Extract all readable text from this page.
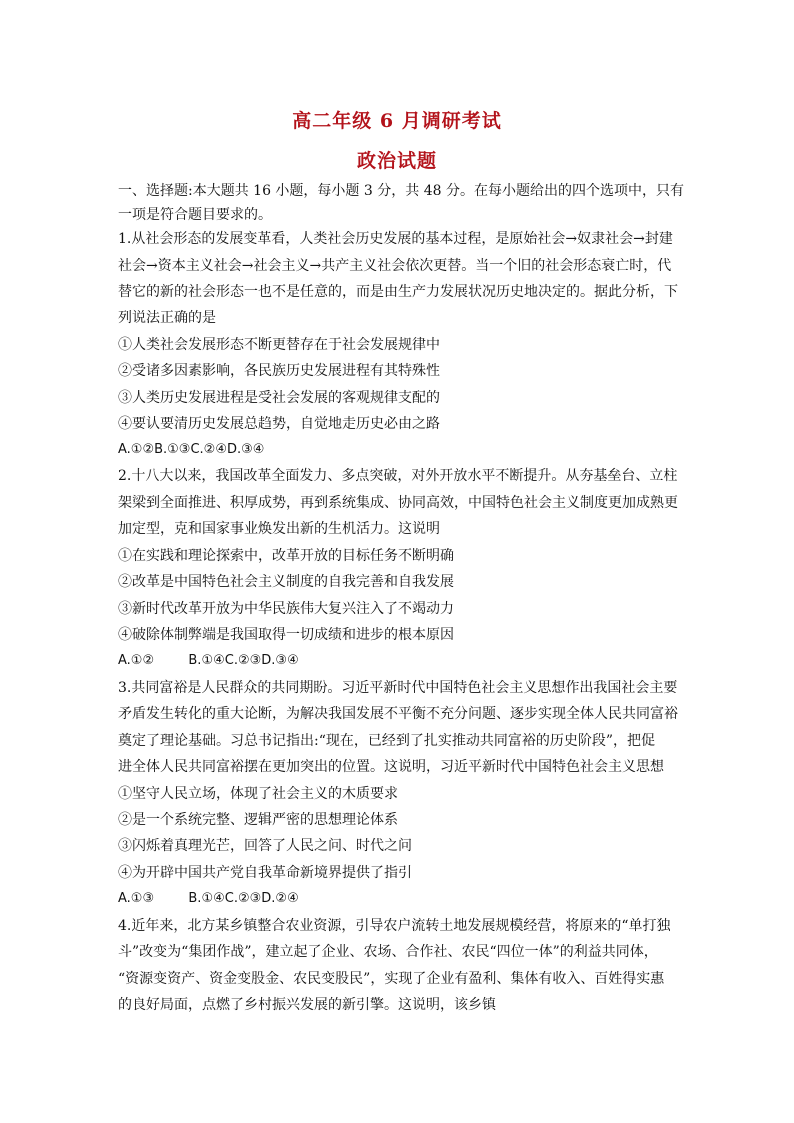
高二年级 6 月调研考试
政治试题
一、选择题:本大题共 16 小题，每小题 3 分，共 48 分。在每小题给出的四个选项中，只有
一项是符合题目要求的。
1.从社会形态的发展变革看，人类社会历史发展的基本过程，是原始社会→奴隶社会→封建
社会→资本主义社会→社会主义→共产主义社会依次更替。当一个旧的社会形态衰亡时，代
替它的新的社会形态一也不是任意的，而是由生产力发展状况历史地决定的。据此分析，下
列说法正确的是
①人类社会发展形态不断更替存在于社会发展规律中
②受诸多因素影响，各民族历史发展进程有其特殊性
③人类历史发展进程是受社会发展的客观规律支配的
④要认要清历史发展总趋势，自觉地走历史必由之路
A.①②B.①③C.②④D.③④
2.十八大以来，我国改革全面发力、多点突破，对外开放水平不断提升。从夯基垒台、立柱
架梁到全面推进、积厚成势，再到系统集成、协同高效，中国特色社会主义制度更加成熟更
加定型，克和国家事业焕发出新的生机活力。这说明
①在实践和理论探索中，改革开放的目标任务不断明确
②改革是中国特色社会主义制度的自我完善和自我发展
③新时代改革开放为中华民族伟大复兴注入了不竭动力
④破除体制弊端是我国取得一切成绩和进步的根本原因
A.①②	B.①④C.②③D.③④
3.共同富裕是人民群众的共同期盼。习近平新时代中国特色社会主义思想作出我国社会主要
矛盾发生转化的重大论断，为解决我国发展不平衡不充分问题、逐步实现全体人民共同富裕
奠定了理论基础。习总书记指出:“现在，已经到了扎实推动共同富裕的历史阶段”，把促
进全体人民共同富裕摆在更加突出的位置。这说明，习近平新时代中国特色社会主义思想
①坚守人民立场，体现了社会主义的木质要求
②是一个系统完整、逻辑严密的思想理论体系
③闪烁着真理光芒，回答了人民之问、时代之问
④为开辟中国共产党自我革命新境界提供了指引
A.①③	B.①④C.②③D.②④
4.近年来，北方某乡镇整合农业资源，引导农户流转土地发展规模经营，将原来的“单打独
斗”改变为“集团作战”，建立起了企业、农场、合作社、农民“四位一体”的利益共同体，
“资源变资产、资金变股金、农民变股民”，实现了企业有盈利、集体有收入、百姓得实惠
的良好局面，点燃了乡村振兴发展的新引擎。这说明，该乡镇
